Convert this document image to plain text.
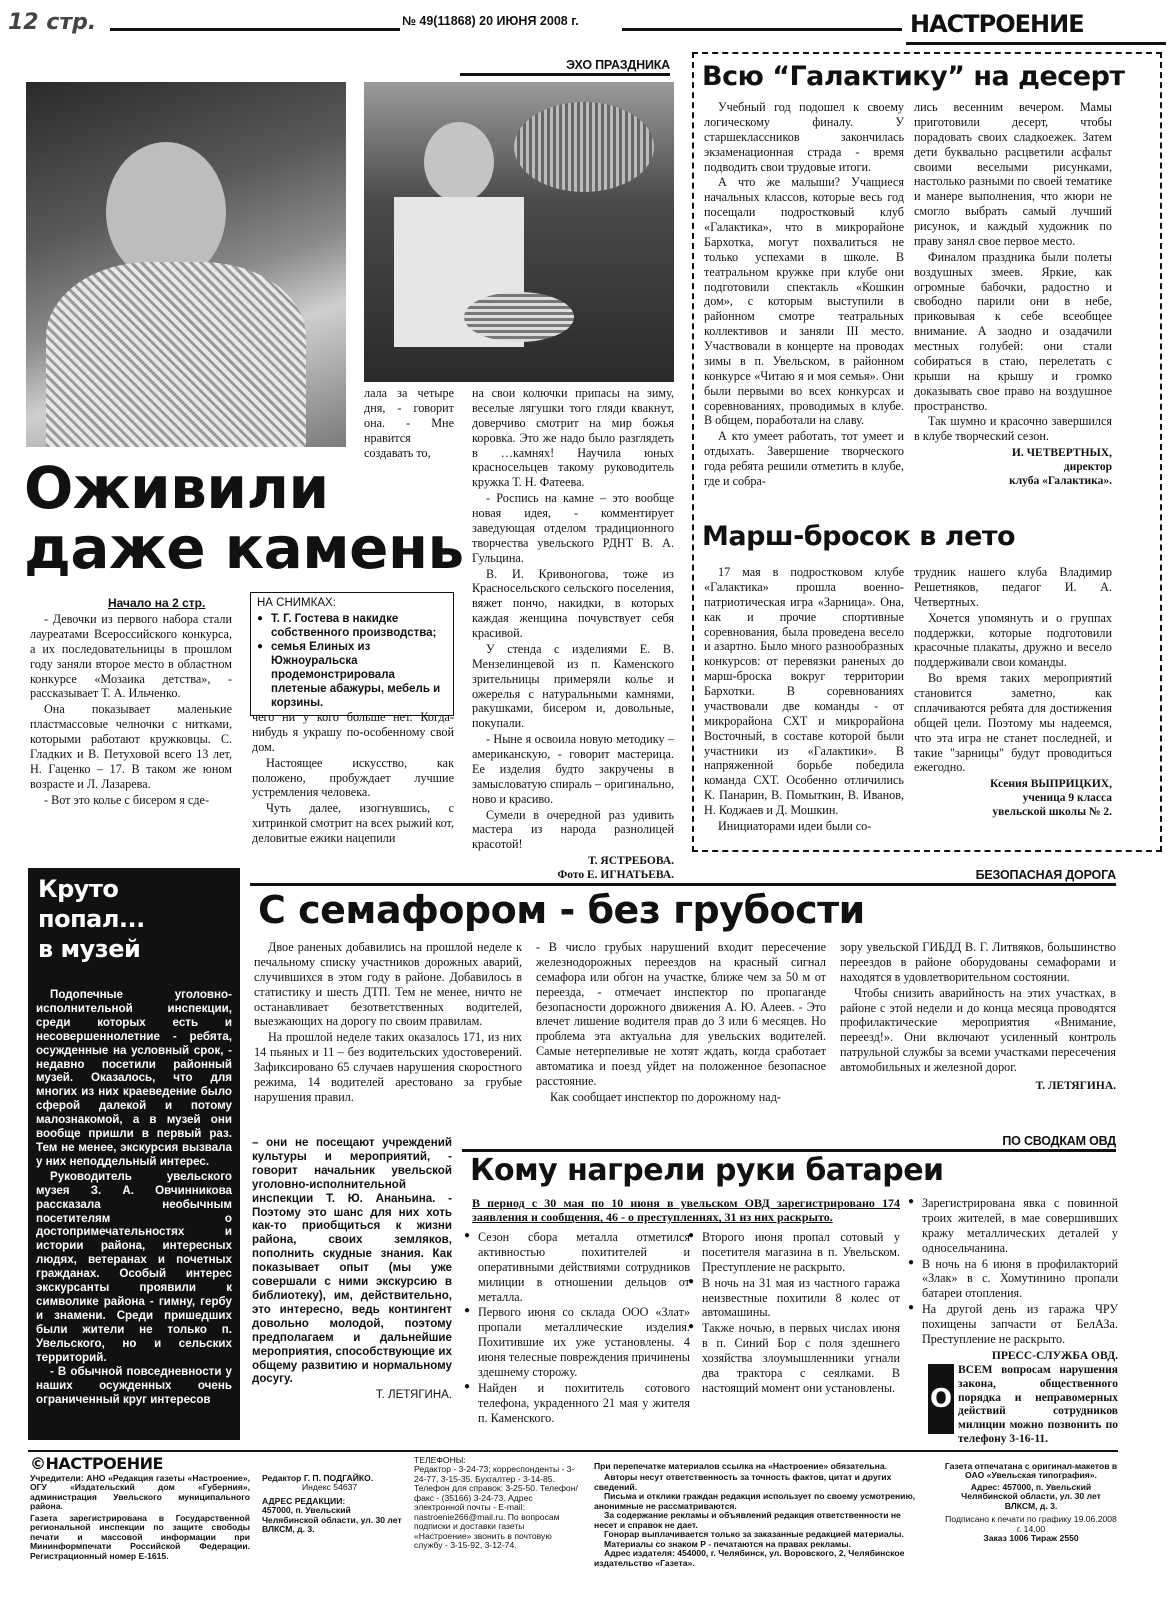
12 стр.	№ 49(11868) 20 ИЮНЯ 2008 г.	НАСТРОЕНИЕ
ЭХО ПРАЗДНИКА
Оживили
даже камень
Начало на 2 стр.

- Девочки из первого набора стали лауреатами Всероссийского конкурса, а их последовательницы в прошлом году заняли второе место в областном конкурсе «Мозаика детства», - рассказывает Т. А. Ильченко.

Она показывает маленькие пластмассовые челночки с нитками, которыми работают кружковцы. С. Гладких и В. Петуховой всего 13 лет, Н. Гаценко – 17. В таком же юном возрасте и Л. Лазарева.

- Вот это колье с бисером я сде-

лала за четыре дня, - говорит она. - Мне нравится создавать то,

НА СНИМКАХ:
● Т. Г. Гостева в накидке собственного производства;
● семья Елиных из Южноуральска продемонстрировала плетеные абажуры, мебель и корзины.

чего ни у кого больше нет. Когда-нибудь я украшу по-особенному свой дом.

Настоящее искусство, как положено, пробуждает лучшие устремления человека.

Чуть далее, изогнувшись, с хитринкой смотрит на всех рыжий кот, деловитые ежики нацепили

на свои колючки припасы на зиму, веселые лягушки того гляди квакнут, доверчиво смотрит на мир божья коровка. Это же надо было разглядеть в …камнях! Научила юных красносельцев такому руководитель кружка Т. Н. Фатеева.

- Роспись на камне – это вообще новая идея, - комментирует заведующая отделом традиционного творчества увельского РДНТ В. А. Гульцина.

В. И. Кривоногова, тоже из Красносельского сельского поселения, вяжет пончо, накидки, в которых каждая женщина почувствует себя красивой.

У стенда с изделиями Е. В. Мензелинцевой из п. Каменского зрительницы примеряли колье и ожерелья с натуральными камнями, ракушками, бисером и, довольные, покупали.

- Ныне я освоила новую методику – американскую, - говорит мастерица. Ее изделия будто закручены в замысловатую спираль – оригинально, ново и красиво.

Сумели в очередной раз удивить мастера из народа разнолицей красотой!

Т. ЯСТРЕБОВА.
Фото Е. ИГНАТЬЕВА.
Всю “Галактику” на десерт

Учебный год подошел к своему логическому финалу. У старшеклассников закончилась экзаменационная страда - время подводить свои трудовые итоги.

А что же малыши? Учащиеся начальных классов, которые весь год посещали подростковый клуб «Галактика», что в микрорайоне Бархотка, могут похвалиться не только успехами в школе. В театральном кружке при клубе они подготовили спектакль «Кошкин дом», с которым выступили в районном смотре театральных коллективов и заняли III место. Участвовали в концерте на проводах зимы в п. Увельском, в районном конкурсе «Читаю я и моя семья». Они были первыми во всех конкурсах и соревнованиях, проводимых в клубе. В общем, поработали на славу.

А кто умеет работать, тот умеет и отдыхать. Завершение творческого года ребята решили отметить в клубе, где и собра-

лись весенним вечером. Мамы приготовили десерт, чтобы порадовать своих сладкоежек. Затем дети буквально расцветили асфальт своими веселыми рисунками, настолько разными по своей тематике и манере выполнения, что жюри не смогло выбрать самый лучший рисунок, и каждый художник по праву занял свое первое место.

Финалом праздника были полеты воздушных змеев. Яркие, как огромные бабочки, радостно и свободно парили они в небе, приковывая к себе всеобщее внимание. А заодно и озадачили местных голубей: они стали собираться в стаю, перелетать с крыши на крышу и громко доказывать свое право на воздушное пространство.

Так шумно и красочно завершился в клубе творческий сезон.

И. ЧЕТВЕРТНЫХ,
директор
клуба «Галактика».
Марш-бросок в лето

17 мая в подростковом клубе «Галактика» прошла военно-патриотическая игра «Зарница». Она, как и прочие спортивные соревнования, была проведена весело и азартно. Было много разнообразных конкурсов: от перевязки раненых до марш-броска вокруг территории Бархотки. В соревнованиях участвовали две команды - от микрорайона СХТ и микрорайона Восточный, в составе которой были участники из «Галактики». В напряженной борьбе победила команда СХТ. Особенно отличились К. Панарин, В. Помыткин, В. Иванов, Н. Коджаев и Д. Мошкин.

Инициаторами идеи были со-

трудник нашего клуба Владимир Решетняков, педагог И. А. Четвертных.

Хочется упомянуть и о группах поддержки, которые подготовили красочные плакаты, дружно и весело поддерживали свои команды.

Во время таких мероприятий становится заметно, как сплачиваются ребята для достижения общей цели. Поэтому мы надеемся, что эта игра не станет последней, и такие "зарницы" будут проводиться ежегодно.

Ксения ВЫПРИЦКИХ,
ученица 9 класса
увельской школы № 2.
Круто
попал...
в музей

Подопечные уголовно-исполнительной инспекции, среди которых есть и несовершеннолетние - ребята, осужденные на условный срок, - недавно посетили районный музей. Оказалось, что для многих из них краеведение было сферой далекой и потому малознакомой, а в музей они вообще пришли в первый раз. Тем не менее, экскурсия вызвала у них неподдельный интерес.

Руководитель увельского музея З. А. Овчинникова рассказала необычным посетителям о достопримечательностях и истории района, интересных людях, ветеранах и почетных гражданах. Особый интерес экскурсанты проявили к символике района - гимну, гербу и знамени. Среди пришедших были жители не только п. Увельского, но и сельских территорий.

- В обычной повседневности у наших осужденных очень ограниченный круг интересов

– они не посещают учреждений культуры и мероприятий, - говорит начальник увельской уголовно-исполнительной инспекции Т. Ю. Ананьина. - Поэтому это шанс для них хоть как-то приобщиться к жизни района, своих земляков, пополнить скудные знания. Как показывает опыт (мы уже совершали с ними экскурсию в библиотеку), им, действительно, это интересно, ведь контингент довольно молодой, поэтому предполагаем и дальнейшие мероприятия, способствующие их общему развитию и нормальному досугу.

Т. ЛЕТЯГИНА.
БЕЗОПАСНАЯ ДОРОГА
С семафором - без грубости

Двое раненых добавились на прошлой неделе к печальному списку участников дорожных аварий, случившихся в этом году в районе. Добавилось в статистику и шесть ДТП. Тем не менее, ничто не останавливает безответственных водителей, выезжающих на дорогу по своим правилам.

На прошлой неделе таких оказалось 171, из них 14 пьяных и 11 – без водительских удостоверений. Зафиксировано 65 случаев нарушения скоростного режима, 14 водителей арестовано за грубые нарушения правил.

- В число грубых нарушений входит пересечение железнодорожных переездов на красный сигнал семафора или обгон на участке, ближе чем за 50 м от переезда, - отмечает инспектор по пропаганде безопасности дорожного движения А. Ю. Алеев. - Это влечет лишение водителя прав до 3 или 6 месяцев. Но проблема эта актуальна для увельских водителей. Самые нетерпеливые не хотят ждать, когда сработает автоматика и поезд уйдет на положенное безопасное расстояние.

Как сообщает инспектор по дорожному над-

зору увельской ГИБДД В. Г. Литвяков, большинство переездов в районе оборудованы семафорами и находятся в удовлетворительном состоянии.

Чтобы снизить аварийность на этих участках, в районе с этой недели и до конца месяца проводятся профилактические мероприятия «Внимание, переезд!». Они включают усиленный контроль патрульной службы за всеми участками пересечения автомобильных и железной дорог.

Т. ЛЕТЯГИНА.
ПО СВОДКАМ ОВД
Кому нагрели руки батареи
В период с 30 мая по 10 июня в увельском ОВД зарегистрировано 174 заявления и сообщения, 46 - о преступлениях, 31 из них раскрыто.
● Сезон сбора металла отметился активностью похитителей и оперативными действиями сотрудников милиции в отношении дельцов от металла.
● Первого июня со склада ООО «Злат» пропали металлические изделия. Похитившие их уже установлены. 4 июня телесные повреждения причинены здешнему сторожу.
● Найден и похититель сотового телефона, украденного 21 мая у жителя п. Каменского.
● Второго июня пропал сотовый у посетителя магазина в п. Увельском. Преступление не раскрыто.
● В ночь на 31 мая из частного гаража неизвестные похитили 8 колес от автомашины.
● Также ночью, в первых числах июня в п. Синий Бор с поля здешнего хозяйства злоумышленники угнали два трактора с сеялками. В настоящий момент они установлены.
● Зарегистрирована явка с повинной троих жителей, в мае совершивших кражу металлических деталей у односельчанина.
● В ночь на 6 июня в профилакторий «Злак» в с. Хомутинино пропали батареи отопления.
● На другой день из гаража ЧРУ похищены запчасти от БелАЗа. Преступление не раскрыто.
ПРЕСС-СЛУЖБА ОВД.
О
ВСЕМ вопросам нарушения закона, общественного порядка и неправомерных действий сотрудников милиции можно позвонить по телефону 3-16-11.
©НАСТРОЕНИЕ
Учредители: АНО «Редакция газеты «Настроение», ОГУ «Издательский дом «Губерния», администрация Увельского муниципального района.
Газета зарегистрирована в Государственной региональной инспекции по защите свободы печати и массовой информации при Мининформпечати Российской Федерации. Регистрационный номер Е-1615.
Редактор Г. П. ПОДГАЙКО.
Индекс 54637
АДРЕС РЕДАКЦИИ:
457000, п. Увельский Челябинской области, ул. 30 лет ВЛКСМ, д. 3.
ТЕЛЕФОНЫ:
Редактор - 3-24-73; корреспонденты - 3-24-77, 3-15-35. Бухгалтер - 3-14-85. Телефон для справок: 3-25-50. Телефон/факс - (35166) 3-24-73. Адрес электронной почты - E-mail: nastroenie266@mail.ru. По вопросам подписки и доставки газеты «Настроение» звонить в почтовую службу - 3-15-92, 3-12-74.
При перепечатке материалов ссылка на «Настроение» обязательна.
Авторы несут ответственность за точность фактов, цитат и других сведений.
Письма и отклики граждан редакция использует по своему усмотрению, анонимные не рассматриваются.
За содержание рекламы и объявлений редакция ответственности не несет и справок не дает.
Гонорар выплачивается только за заказанные редакцией материалы.
Материалы со знаком Р - печатаются на правах рекламы.
Адрес издателя: 454000, г. Челябинск, ул. Воровского, 2, Челябинское издательство «Газета».
Газета отпечатана с оригинал-макетов в ОАО «Увельская типография».
Адрес: 457000, п. Увельский Челябинской области, ул. 30 лет ВЛКСМ, д. 3.
Подписано к печати по графику 19.06.2008 г. 14.00
Заказ 1006 Тираж 2550
